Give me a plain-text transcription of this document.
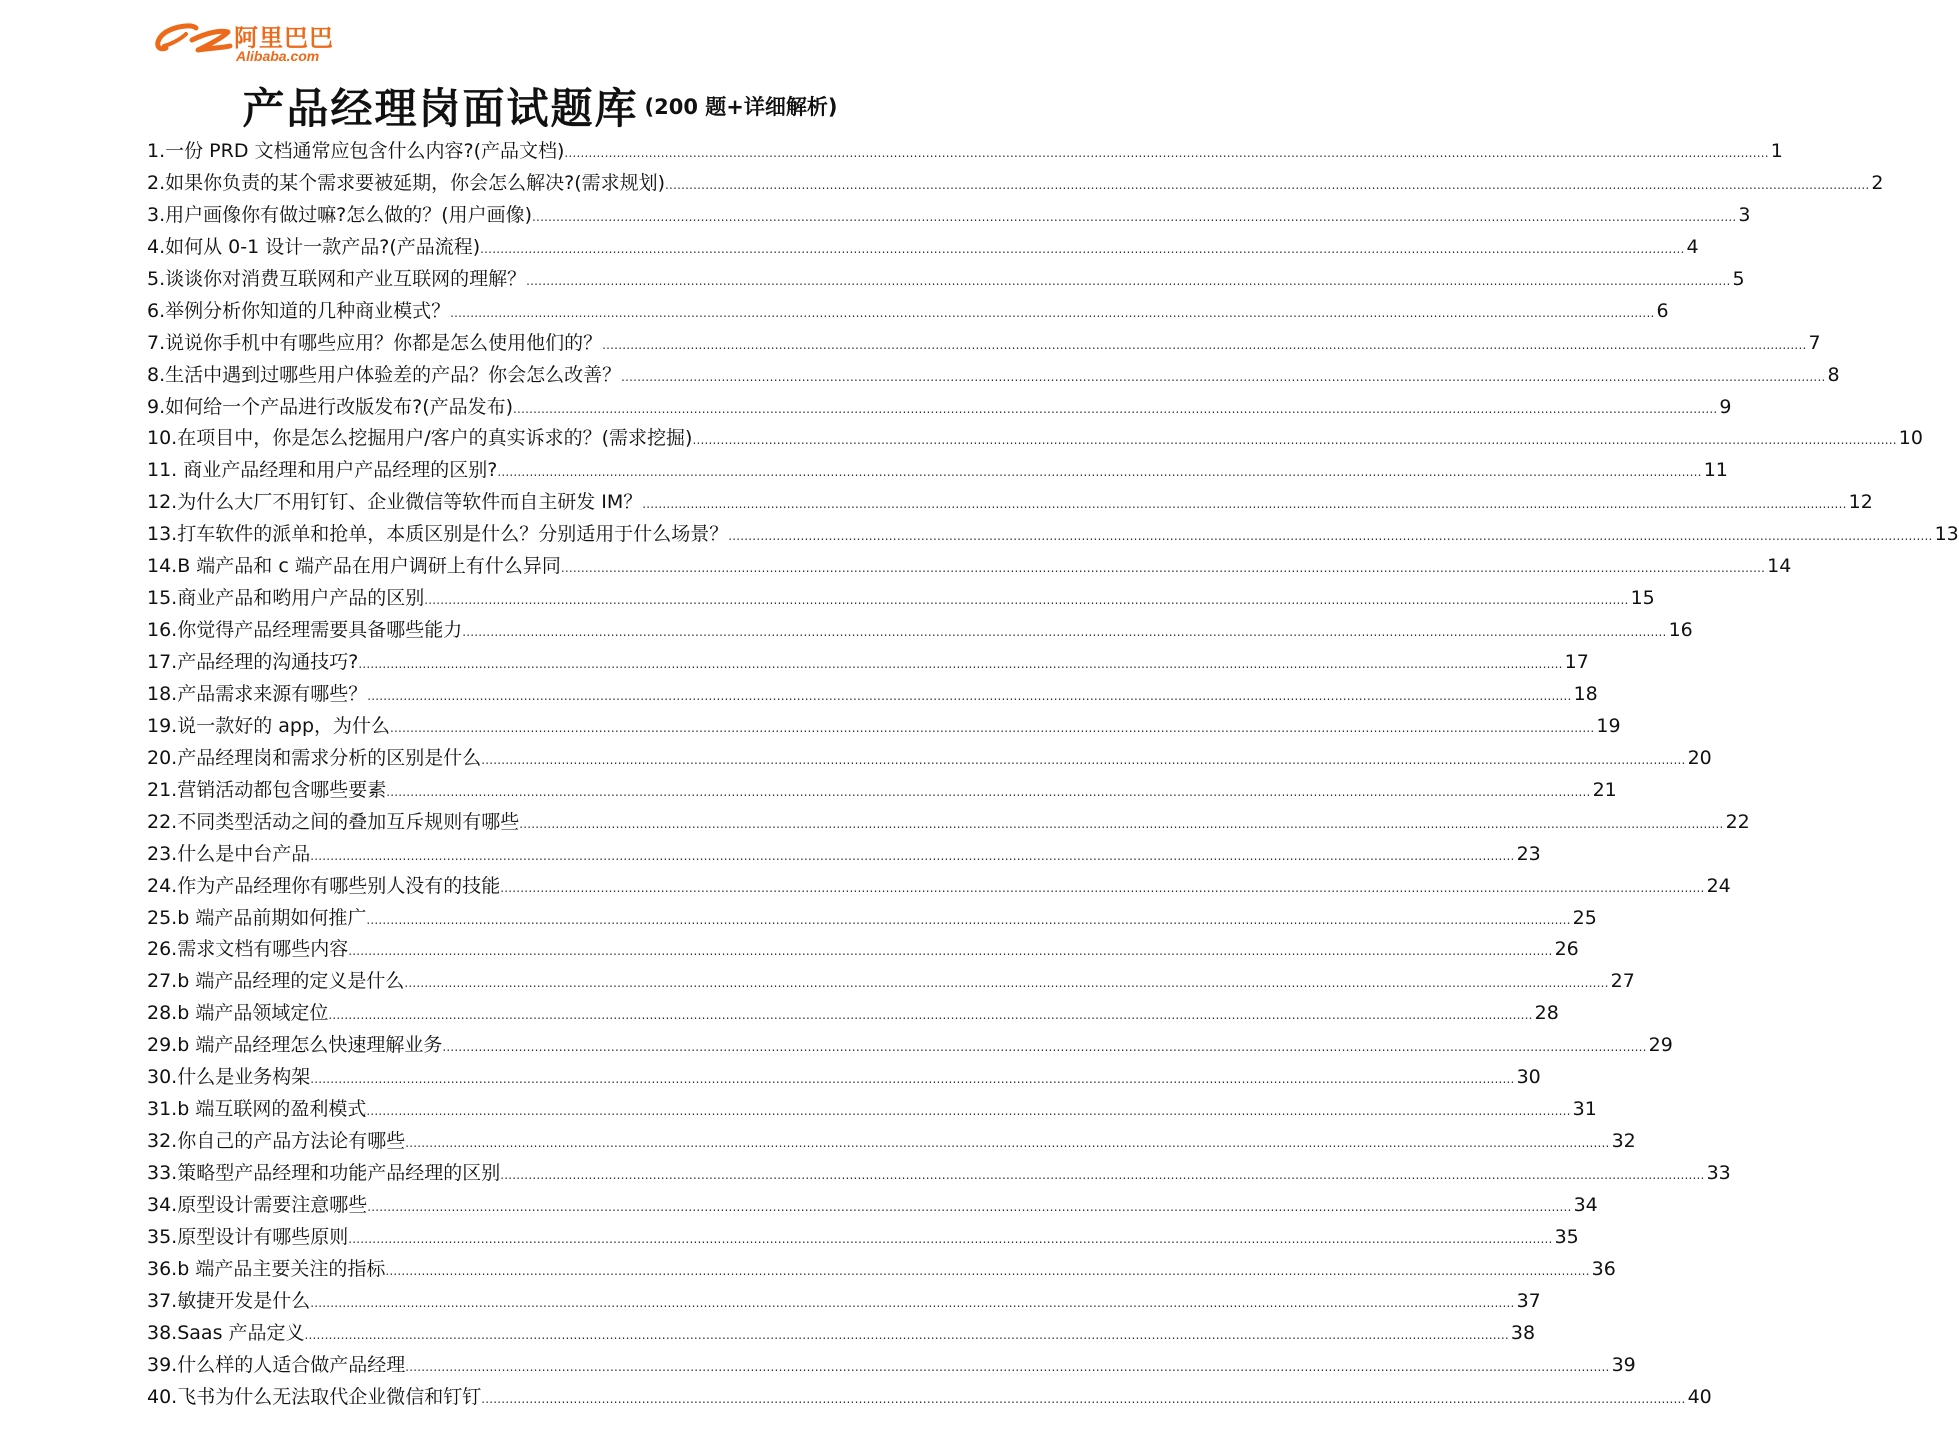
阿里巴巴
Alibaba.com
产品经理岗面试题库 (200 题+详细解析)
1.一份 PRD 文档通常应包含什么内容?(产品文档) ............................................................................................................................................................................................................................................................................................................ 1
2.如果你负责的某个需求要被延期，你会怎么解决?(需求规划) ............................................................................................................................................................................................................................................................................................................ 2
3.用户画像你有做过嘛?怎么做的？(用户画像) ............................................................................................................................................................................................................................................................................................................ 3
4.如何从 0-1 设计一款产品?(产品流程) ............................................................................................................................................................................................................................................................................................................ 4
5.谈谈你对消费互联网和产业互联网的理解？ ............................................................................................................................................................................................................................................................................................................ 5
6.举例分析你知道的几种商业模式？ ............................................................................................................................................................................................................................................................................................................ 6
7.说说你手机中有哪些应用？你都是怎么使用他们的？ ............................................................................................................................................................................................................................................................................................................ 7
8.生活中遇到过哪些用户体验差的产品？你会怎么改善？ ............................................................................................................................................................................................................................................................................................................ 8
9.如何给一个产品进行改版发布?(产品发布) ............................................................................................................................................................................................................................................................................................................ 9
10.在项目中，你是怎么挖掘用户/客户的真实诉求的？(需求挖掘) ............................................................................................................................................................................................................................................................................................................ 10
11. 商业产品经理和用户产品经理的区别? ............................................................................................................................................................................................................................................................................................................ 11
12.为什么大厂不用钉钉、企业微信等软件而自主研发 IM？ ............................................................................................................................................................................................................................................................................................................ 12
13.打车软件的派单和抢单，本质区别是什么？分别适用于什么场景？ ............................................................................................................................................................................................................................................................................................................ 13
14.B 端产品和 c 端产品在用户调研上有什么异同 ............................................................................................................................................................................................................................................................................................................ 14
15.商业产品和哟用户产品的区别 ............................................................................................................................................................................................................................................................................................................ 15
16.你觉得产品经理需要具备哪些能力 ............................................................................................................................................................................................................................................................................................................ 16
17.产品经理的沟通技巧? ............................................................................................................................................................................................................................................................................................................ 17
18.产品需求来源有哪些？ ............................................................................................................................................................................................................................................................................................................ 18
19.说一款好的 app，为什么 ............................................................................................................................................................................................................................................................................................................ 19
20.产品经理岗和需求分析的区别是什么 ............................................................................................................................................................................................................................................................................................................ 20
21.营销活动都包含哪些要素 ............................................................................................................................................................................................................................................................................................................ 21
22.不同类型活动之间的叠加互斥规则有哪些 ............................................................................................................................................................................................................................................................................................................ 22
23.什么是中台产品 ............................................................................................................................................................................................................................................................................................................ 23
24.作为产品经理你有哪些别人没有的技能 ............................................................................................................................................................................................................................................................................................................ 24
25.b 端产品前期如何推广 ............................................................................................................................................................................................................................................................................................................ 25
26.需求文档有哪些内容 ............................................................................................................................................................................................................................................................................................................ 26
27.b 端产品经理的定义是什么 ............................................................................................................................................................................................................................................................................................................ 27
28.b 端产品领域定位 ............................................................................................................................................................................................................................................................................................................ 28
29.b 端产品经理怎么快速理解业务 ............................................................................................................................................................................................................................................................................................................ 29
30.什么是业务构架 ............................................................................................................................................................................................................................................................................................................ 30
31.b 端互联网的盈利模式 ............................................................................................................................................................................................................................................................................................................ 31
32.你自己的产品方法论有哪些 ............................................................................................................................................................................................................................................................................................................ 32
33.策略型产品经理和功能产品经理的区别 ............................................................................................................................................................................................................................................................................................................ 33
34.原型设计需要注意哪些 ............................................................................................................................................................................................................................................................................................................ 34
35.原型设计有哪些原则 ............................................................................................................................................................................................................................................................................................................ 35
36.b 端产品主要关注的指标 ............................................................................................................................................................................................................................................................................................................ 36
37.敏捷开发是什么 ............................................................................................................................................................................................................................................................................................................ 37
38.Saas 产品定义 ............................................................................................................................................................................................................................................................................................................ 38
39.什么样的人适合做产品经理 ............................................................................................................................................................................................................................................................................................................ 39
40.飞书为什么无法取代企业微信和钉钉 ............................................................................................................................................................................................................................................................................................................ 40
